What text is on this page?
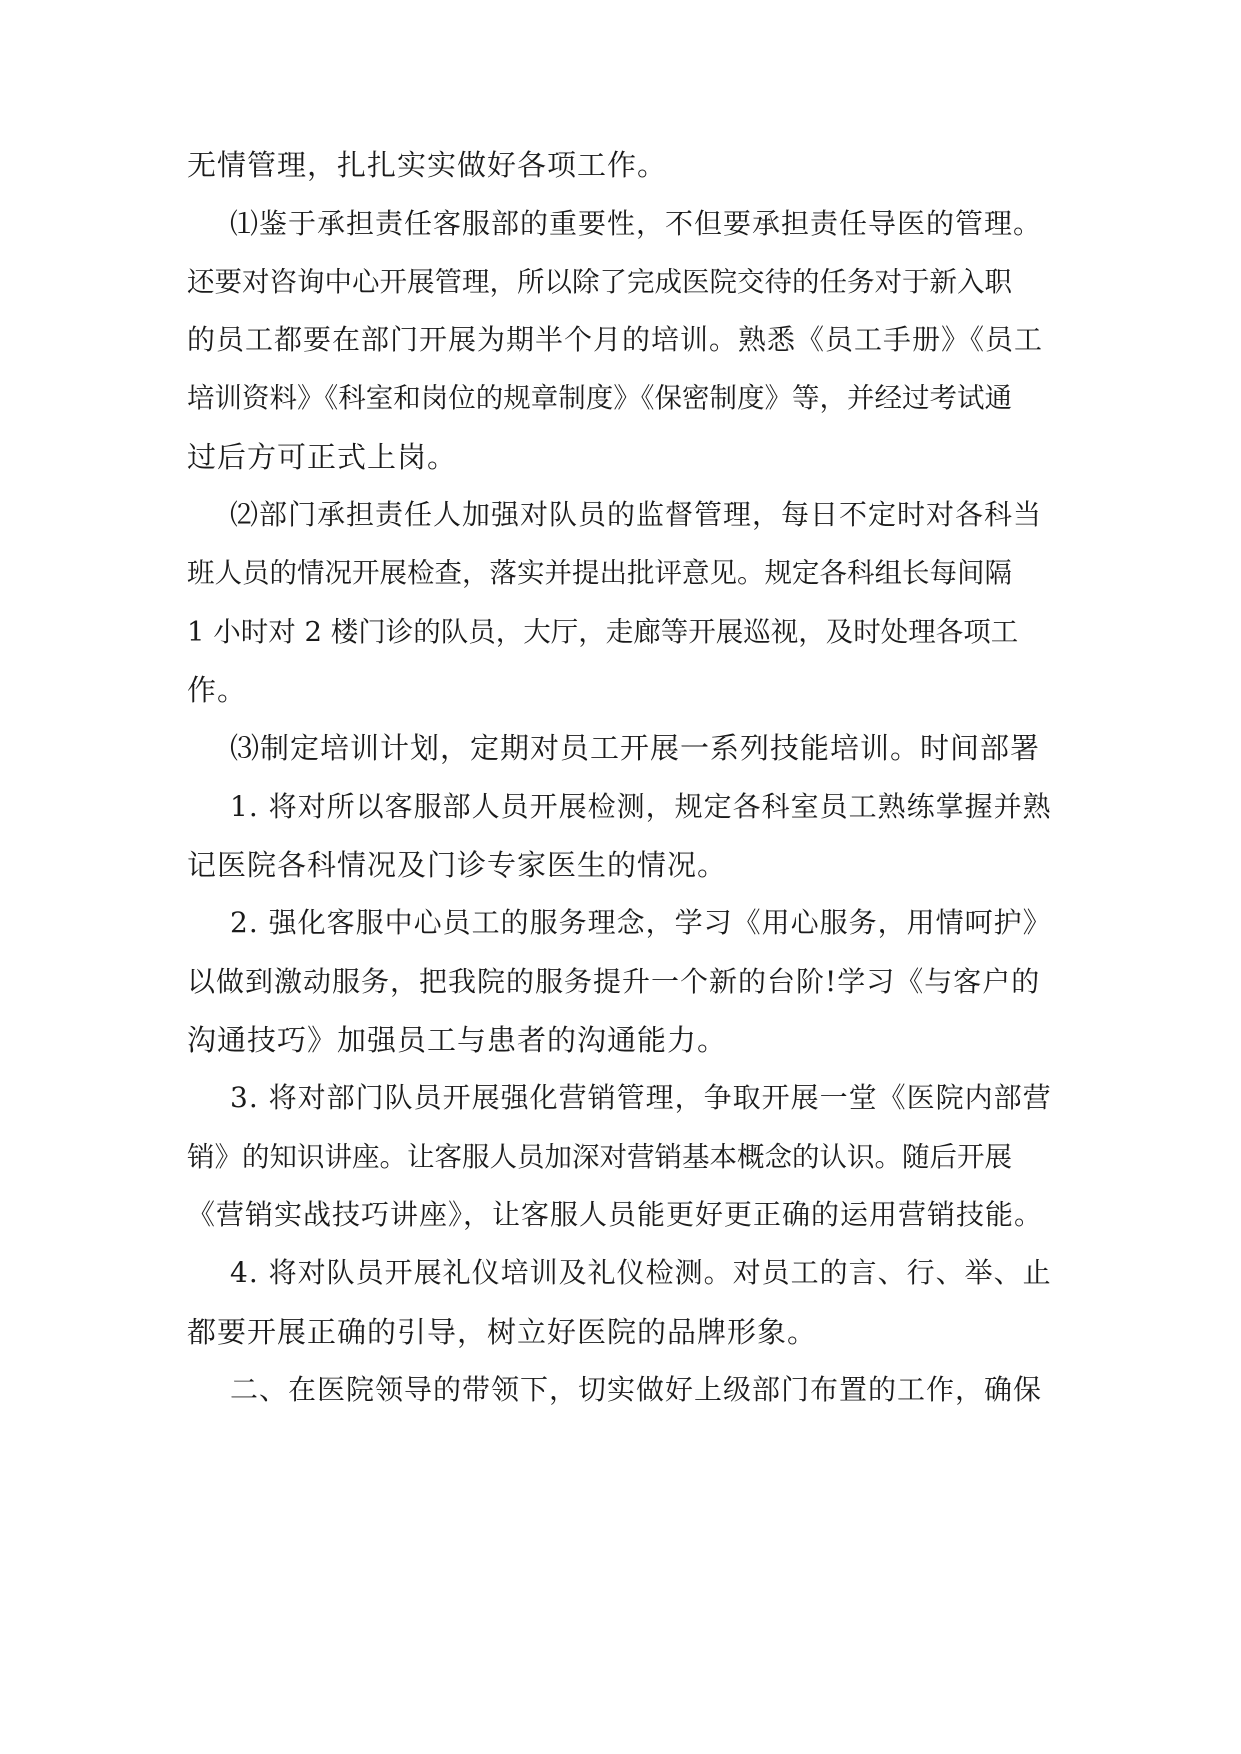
无情管理，扎扎实实做好各项工作。

⑴鉴于承担责任客服部的重要性，不但要承担责任导医的管理。

还要对咨询中心开展管理，所以除了完成医院交待的任务对于新入职

的员工都要在部门开展为期半个月的培训。熟悉《员工手册》《员工

培训资料》《科室和岗位的规章制度》《保密制度》等，并经过考试通

过后方可正式上岗。

⑵部门承担责任人加强对队员的监督管理，每日不定时对各科当

班人员的情况开展检查，落实并提出批评意见。规定各科组长每间隔

1 小时对 2 楼门诊的队员，大厅，走廊等开展巡视，及时处理各项工

作。

⑶制定培训计划，定期对员工开展一系列技能培训。时间部署

1. 将对所以客服部人员开展检测，规定各科室员工熟练掌握并熟

记医院各科情况及门诊专家医生的情况。

2. 强化客服中心员工的服务理念，学习《用心服务，用情呵护》

以做到激动服务，把我院的服务提升一个新的台阶!学习《与客户的

沟通技巧》加强员工与患者的沟通能力。

3. 将对部门队员开展强化营销管理，争取开展一堂《医院内部营

销》的知识讲座。让客服人员加深对营销基本概念的认识。随后开展

《营销实战技巧讲座》，让客服人员能更好更正确的运用营销技能。

4. 将对队员开展礼仪培训及礼仪检测。对员工的言、行、举、止

都要开展正确的引导，树立好医院的品牌形象。

二、在医院领导的带领下，切实做好上级部门布置的工作，确保
